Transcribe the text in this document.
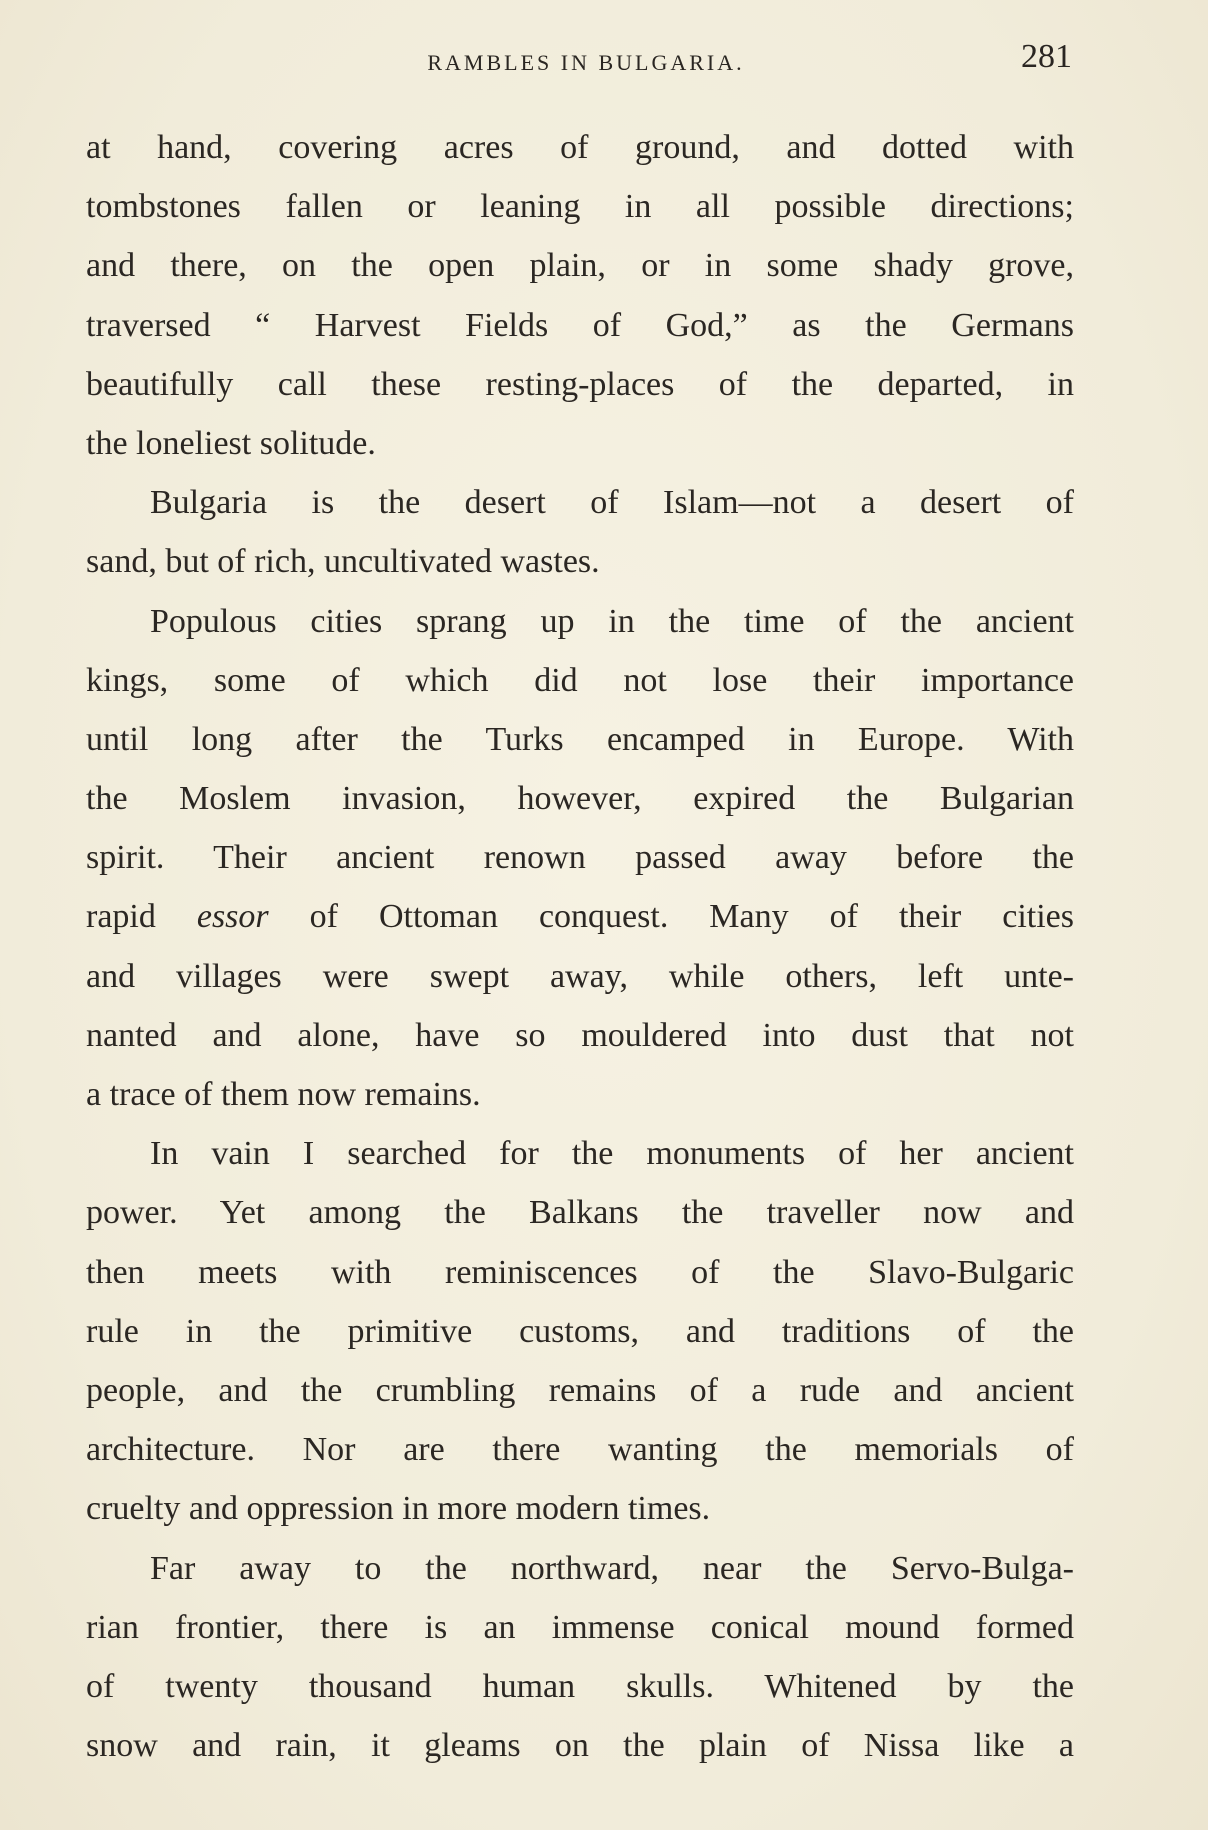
RAMBLES IN BULGARIA.	281
at hand, covering acres of ground, and dotted with
tombstones fallen or leaning in all possible directions;
and there, on the open plain, or in some shady grove,
traversed “ Harvest Fields of God,” as the Germans
beautifully call these resting-places of the departed, in
the loneliest solitude.
Bulgaria is the desert of Islam—not a desert of
sand, but of rich, uncultivated wastes.
Populous cities sprang up in the time of the ancient
kings, some of which did not lose their importance
until long after the Turks encamped in Europe. With
the Moslem invasion, however, expired the Bulgarian
spirit. Their ancient renown passed away before the
rapid essor of Ottoman conquest. Many of their cities
and villages were swept away, while others, left unte-
nanted and alone, have so mouldered into dust that not
a trace of them now remains.
In vain I searched for the monuments of her ancient
power. Yet among the Balkans the traveller now and
then meets with reminiscences of the Slavo-Bulgaric
rule in the primitive customs, and traditions of the
people, and the crumbling remains of a rude and ancient
architecture. Nor are there wanting the memorials of
cruelty and oppression in more modern times.
Far away to the northward, near the Servo-Bulga-
rian frontier, there is an immense conical mound formed
of twenty thousand human skulls. Whitened by the
snow and rain, it gleams on the plain of Nissa like a
